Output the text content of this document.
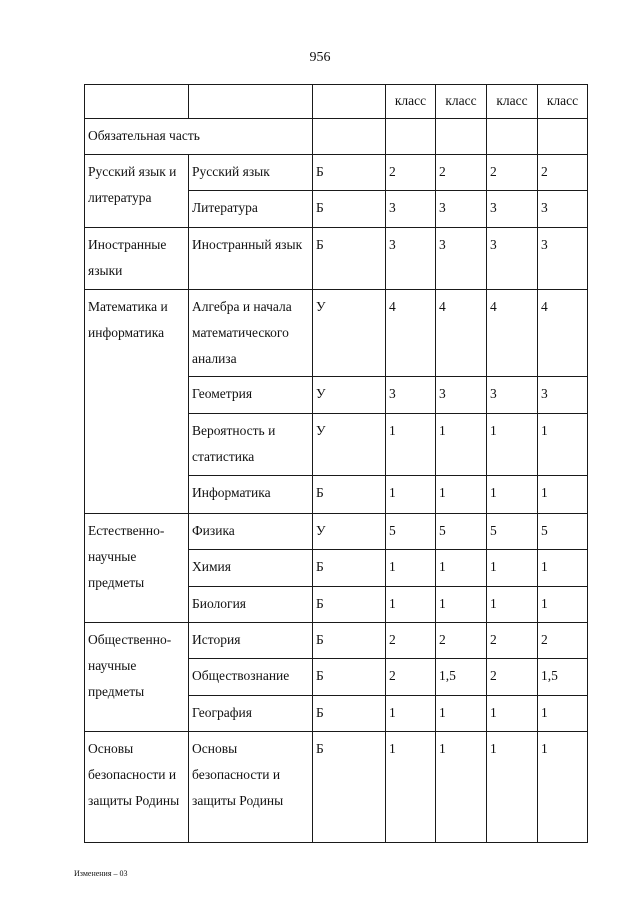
956
			класс	класс	класс	класс
Обязательная часть						
Русский язык и литература	Русский язык	Б	2	2	2	2
	Литература	Б	3	3	3	3
Иностранные языки	Иностранный язык	Б	3	3	3	3
Математика и информатика	Алгебра и начала математического анализа	У	4	4	4	4
	Геометрия	У	3	3	3	3
	Вероятность и статистика	У	1	1	1	1
	Информатика	Б	1	1	1	1
Естественно-научные предметы	Физика	У	5	5	5	5
	Химия	Б	1	1	1	1
	Биология	Б	1	1	1	1
Общественно-научные предметы	История	Б	2	2	2	2
	Обществознание	Б	2	1,5	2	1,5
	География	Б	1	1	1	1
Основы безопасности и защиты Родины	Основы безопасности и защиты Родины	Б	1	1	1	1
Изменения – 03
